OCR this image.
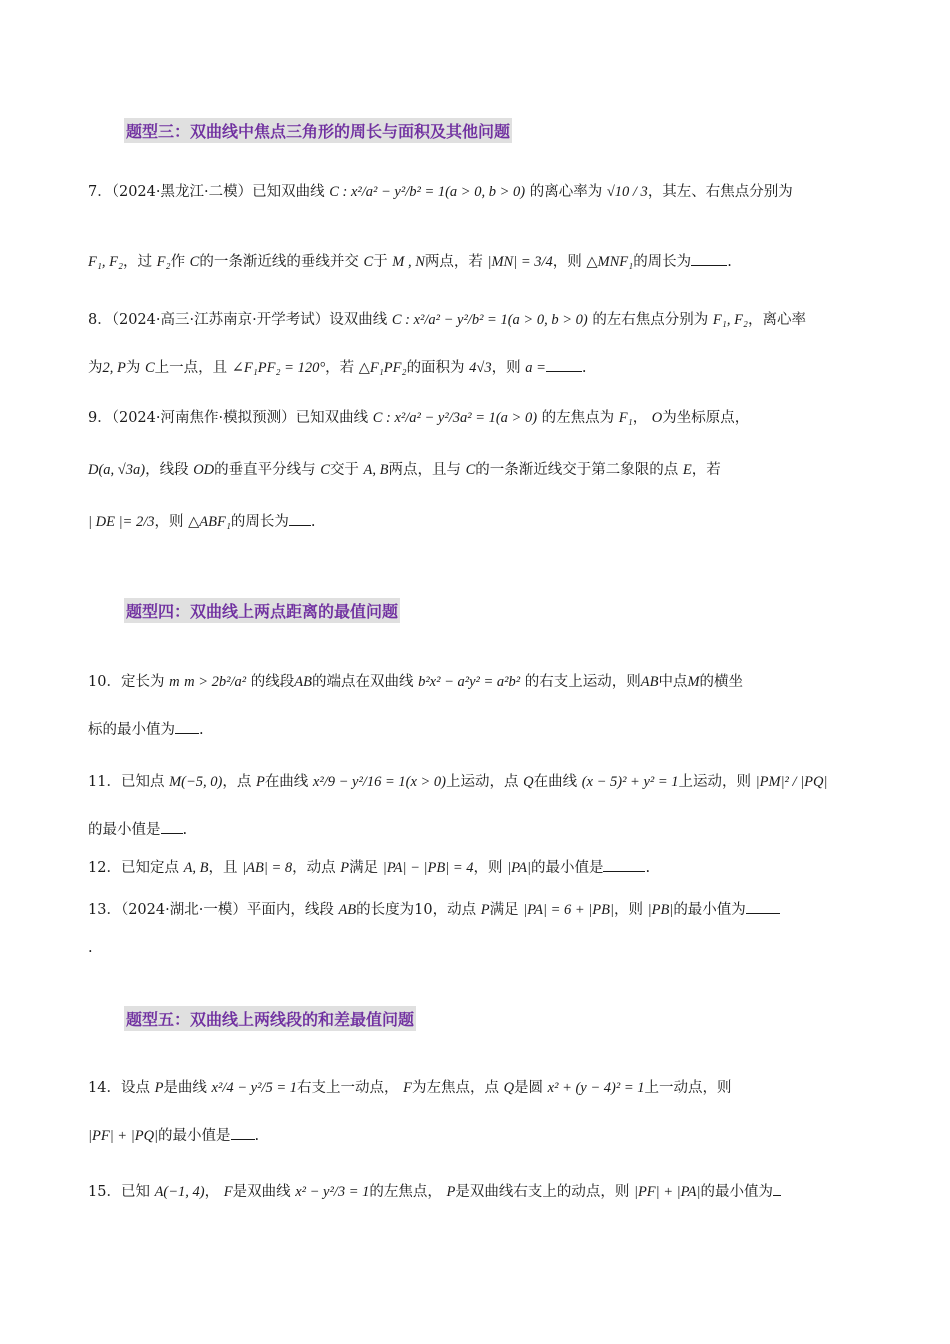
题型三：双曲线中焦点三角形的周长与面积及其他问题
7．（2024·黑龙江·二模）已知双曲线 C : x²/a² − y²/b² = 1(a > 0, b > 0) 的离心率为 √10 / 3，其左、右焦点分别为
F₁, F₂，过 F₂作 C的一条渐近线的垂线并交 C于 M , N两点，若 |MN| = 3/4，则 △MNF₁的周长为 .
8．（2024·高三·江苏南京·开学考试）设双曲线 C : x²/a² − y²/b² = 1(a > 0, b > 0) 的左右焦点分别为 F₁, F₂，离心率
为2, P为 C上一点，且 ∠F₁PF₂ = 120°，若 △F₁PF₂的面积为 4√3，则 a = .
9．（2024·河南焦作·模拟预测）已知双曲线 C : x²/a² − y²/3a² = 1(a > 0) 的左焦点为 F₁， O为坐标原点，
D(a, √3a)，线段 OD的垂直平分线与 C交于 A, B两点，且与 C的一条渐近线交于第二象限的点 E，若
| DE |= 2/3，则 △ABF₁的周长为 .
题型四：双曲线上两点距离的最值问题
10．定长为 m m > 2b²/a² 的线段AB的端点在双曲线 b²x² − a²y² = a²b² 的右支上运动，则AB中点M的横坐
标的最小值为 .
11．已知点 M(−5, 0)，点 P在曲线 x²/9 − y²/16 = 1(x > 0)上运动，点 Q在曲线 (x − 5)² + y² = 1上运动，则 |PM|² / |PQ|
的最小值是 .
12．已知定点 A, B，且 |AB| = 8，动点 P满足 |PA| − |PB| = 4，则 |PA|的最小值是	.
13．（2024·湖北·一模）平面内，线段 AB的长度为10，动点 P满足 |PA| = 6 + |PB|，则 |PB|的最小值为
.
题型五：双曲线上两线段的和差最值问题
14．设点 P是曲线 x²/4 − y²/5 = 1右支上一动点， F为左焦点，点 Q是圆 x² + (y − 4)² = 1上一动点，则
|PF| + |PQ|的最小值是 .
15．已知 A(−1, 4)， F是双曲线 x² − y²/3 = 1的左焦点， P是双曲线右支上的动点，则 |PF| + |PA|的最小值为
